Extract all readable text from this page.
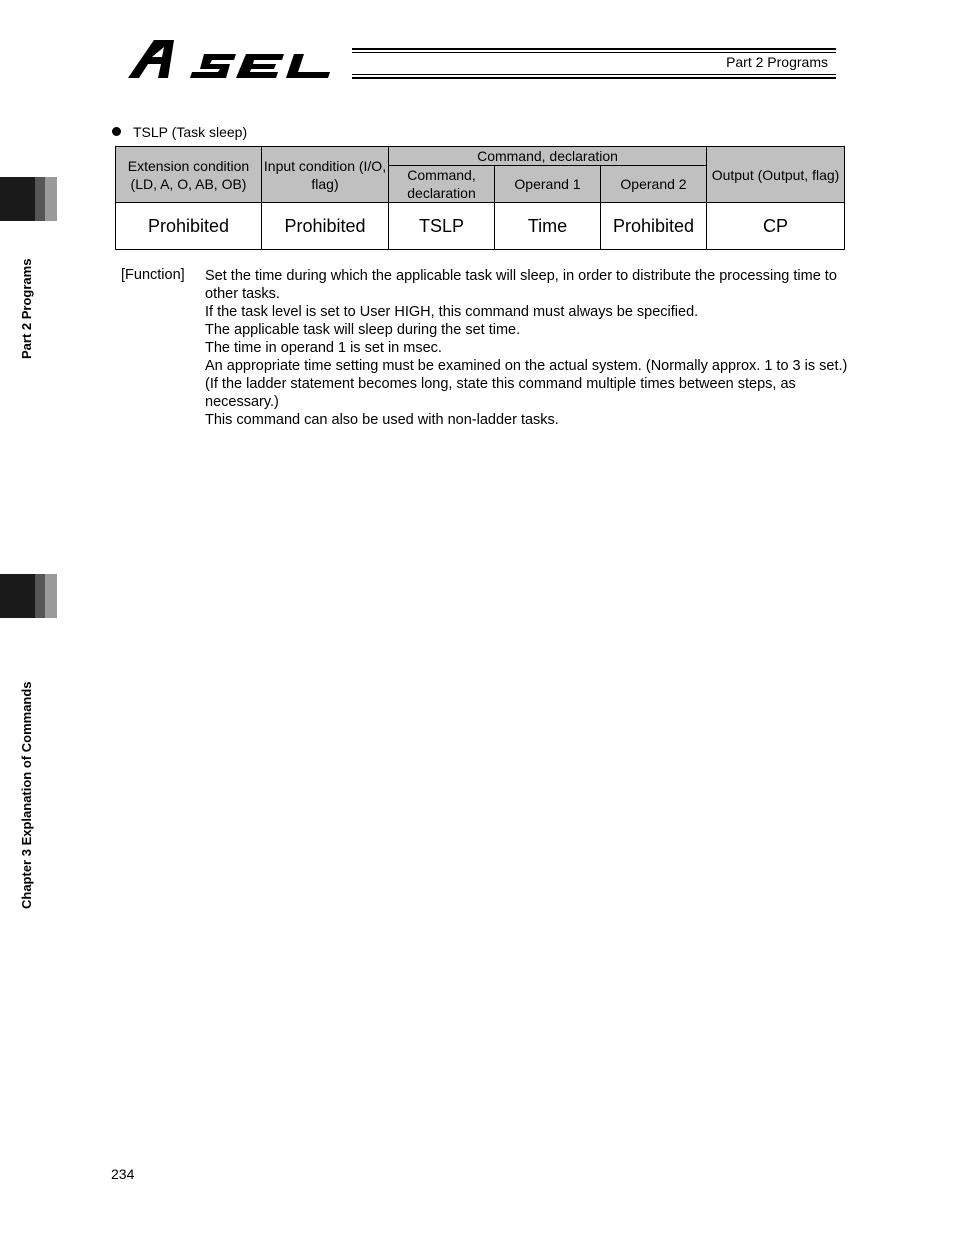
Part 2 Programs
Part 2 Programs
Chapter 3 Explanation of Commands
TSLP (Task sleep)
Extension condition (LD, A, O, AB, OB)	Input condition (I/O, flag)	Command, declaration			Output (Output, flag)
		Command, declaration	Operand 1	Operand 2	
Prohibited	Prohibited	TSLP	Time	Prohibited	CP
[Function] Set the time during which the applicable task will sleep, in order to distribute the processing time to other tasks.

If the task level is set to User HIGH, this command must always be specified.

The applicable task will sleep during the set time.

The time in operand 1 is set in msec.

An appropriate time setting must be examined on the actual system. (Normally approx. 1 to 3 is set.)

(If the ladder statement becomes long, state this command multiple times between steps, as necessary.)

This command can also be used with non-ladder tasks.

234
